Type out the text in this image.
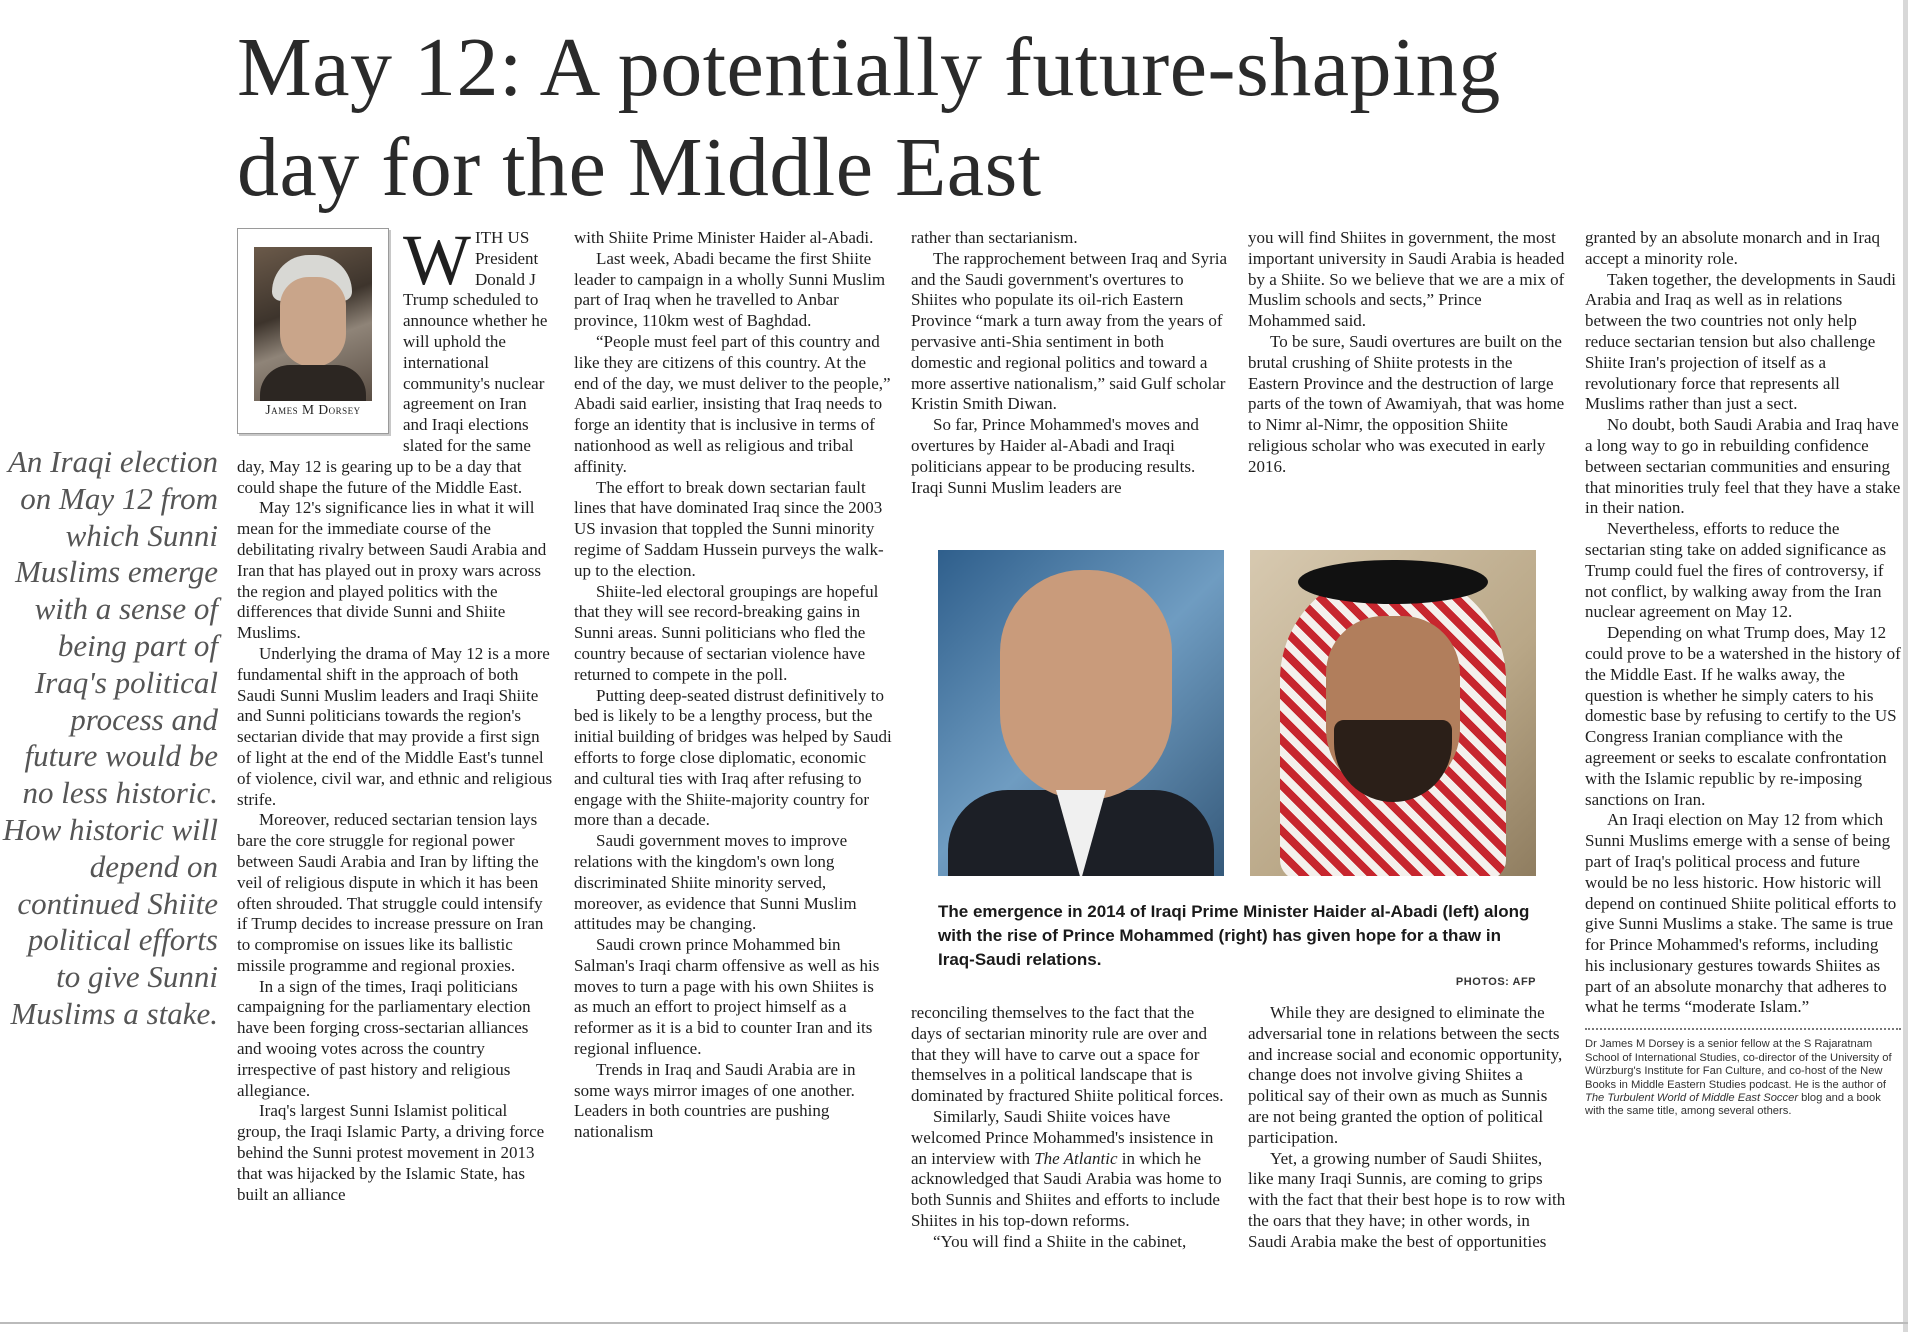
May 12: A potentially future-shaping
day for the Middle East
An Iraqi election on May 12 from which Sunni Muslims emerge with a sense of being part of Iraq's political process and future would be no less historic. How historic will depend on continued Shiite political efforts to give Sunni Muslims a stake.
James M Dorsey

WITH US President Donald J Trump scheduled to announce whether he will uphold the international community's nuclear agreement on Iran and Iraqi elections slated for the same day, May 12 is gearing up to be a day that could shape the future of the Middle East.

May 12's significance lies in what it will mean for the immediate course of the debilitating rivalry between Saudi Arabia and Iran that has played out in proxy wars across the region and played politics with the differences that divide Sunni and Shiite Muslims.

Underlying the drama of May 12 is a more fundamental shift in the approach of both Saudi Sunni Muslim leaders and Iraqi Shiite and Sunni politicians towards the region's sectarian divide that may provide a first sign of light at the end of the Middle East's tunnel of violence, civil war, and ethnic and religious strife.

Moreover, reduced sectarian tension lays bare the core struggle for regional power between Saudi Arabia and Iran by lifting the veil of religious dispute in which it has been often shrouded. That struggle could intensify if Trump decides to increase pressure on Iran to compromise on issues like its ballistic missile programme and regional proxies.

In a sign of the times, Iraqi politicians campaigning for the parliamentary election have been forging cross-sectarian alliances and wooing votes across the country irrespective of past history and religious allegiance.

Iraq's largest Sunni Islamist political group, the Iraqi Islamic Party, a driving force behind the Sunni protest movement in 2013 that was hijacked by the Islamic State, has built an alliance

with Shiite Prime Minister Haider al-Abadi.

Last week, Abadi became the first Shiite leader to campaign in a wholly Sunni Muslim part of Iraq when he travelled to Anbar province, 110km west of Baghdad.

“People must feel part of this country and like they are citizens of this country. At the end of the day, we must deliver to the people,” Abadi said earlier, insisting that Iraq needs to forge an identity that is inclusive in terms of nationhood as well as religious and tribal affinity.

The effort to break down sectarian fault lines that have dominated Iraq since the 2003 US invasion that toppled the Sunni minority regime of Saddam Hussein purveys the walk-up to the election.

Shiite-led electoral groupings are hopeful that they will see record-breaking gains in Sunni areas. Sunni politicians who fled the country because of sectarian violence have returned to compete in the poll.

Putting deep-seated distrust definitively to bed is likely to be a lengthy process, but the initial building of bridges was helped by Saudi efforts to forge close diplomatic, economic and cultural ties with Iraq after refusing to engage with the Shiite-majority country for more than a decade.

Saudi government moves to improve relations with the kingdom's own long discriminated Shiite minority served, moreover, as evidence that Sunni Muslim attitudes may be changing.

Saudi crown prince Mohammed bin Salman's Iraqi charm offensive as well as his moves to turn a page with his own Shiites is as much an effort to project himself as a reformer as it is a bid to counter Iran and its regional influence.

Trends in Iraq and Saudi Arabia are in some ways mirror images of one another. Leaders in both countries are pushing nationalism

rather than sectarianism.

The rapprochement between Iraq and Syria and the Saudi government's overtures to Shiites who populate its oil-rich Eastern Province “mark a turn away from the years of pervasive anti-Shia sentiment in both domestic and regional politics and toward a more assertive nationalism,” said Gulf scholar Kristin Smith Diwan.

So far, Prince Mohammed's moves and overtures by Haider al-Abadi and Iraqi politicians appear to be producing results. Iraqi Sunni Muslim leaders are

you will find Shiites in government, the most important university in Saudi Arabia is headed by a Shiite. So we believe that we are a mix of Muslim schools and sects,” Prince Mohammed said.

To be sure, Saudi overtures are built on the brutal crushing of Shiite protests in the Eastern Province and the destruction of large parts of the town of Awamiyah, that was home to Nimr al-Nimr, the opposition Shiite religious scholar who was executed in early 2016.

The emergence in 2014 of Iraqi Prime Minister Haider al-Abadi (left) along with the rise of Prince Mohammed (right) has given hope for a thaw in Iraq-Saudi relations.
PHOTOS: AFP

reconciling themselves to the fact that the days of sectarian minority rule are over and that they will have to carve out a space for themselves in a political landscape that is dominated by fractured Shiite political forces.

Similarly, Saudi Shiite voices have welcomed Prince Mohammed's insistence in an interview with The Atlantic in which he acknowledged that Saudi Arabia was home to both Sunnis and Shiites and efforts to include Shiites in his top-down reforms.

“You will find a Shiite in the cabinet,

While they are designed to eliminate the adversarial tone in relations between the sects and increase social and economic opportunity, change does not involve giving Shiites a political say of their own as much as Sunnis are not being granted the option of political participation.

Yet, a growing number of Saudi Shiites, like many Iraqi Sunnis, are coming to grips with the fact that their best hope is to row with the oars that they have; in other words, in Saudi Arabia make the best of opportunities

granted by an absolute monarch and in Iraq accept a minority role.

Taken together, the developments in Saudi Arabia and Iraq as well as in relations between the two countries not only help reduce sectarian tension but also challenge Shiite Iran's projection of itself as a revolutionary force that represents all Muslims rather than just a sect.

No doubt, both Saudi Arabia and Iraq have a long way to go in rebuilding confidence between sectarian communities and ensuring that minorities truly feel that they have a stake in their nation.

Nevertheless, efforts to reduce the sectarian sting take on added significance as Trump could fuel the fires of controversy, if not conflict, by walking away from the Iran nuclear agreement on May 12.

Depending on what Trump does, May 12 could prove to be a watershed in the history of the Middle East. If he walks away, the question is whether he simply caters to his domestic base by refusing to certify to the US Congress Iranian compliance with the agreement or seeks to escalate confrontation with the Islamic republic by re-imposing sanctions on Iran.

An Iraqi election on May 12 from which Sunni Muslims emerge with a sense of being part of Iraq's political process and future would be no less historic. How historic will depend on continued Shiite political efforts to give Sunni Muslims a stake. The same is true for Prince Mohammed's reforms, including his inclusionary gestures towards Shiites as part of an absolute monarchy that adheres to what he terms “moderate Islam.”

Dr James M Dorsey is a senior fellow at the S Rajaratnam School of International Studies, co-director of the University of Würzburg's Institute for Fan Culture, and co-host of the New Books in Middle Eastern Studies podcast. He is the author of The Turbulent World of Middle East Soccer blog and a book with the same title, among several others.
